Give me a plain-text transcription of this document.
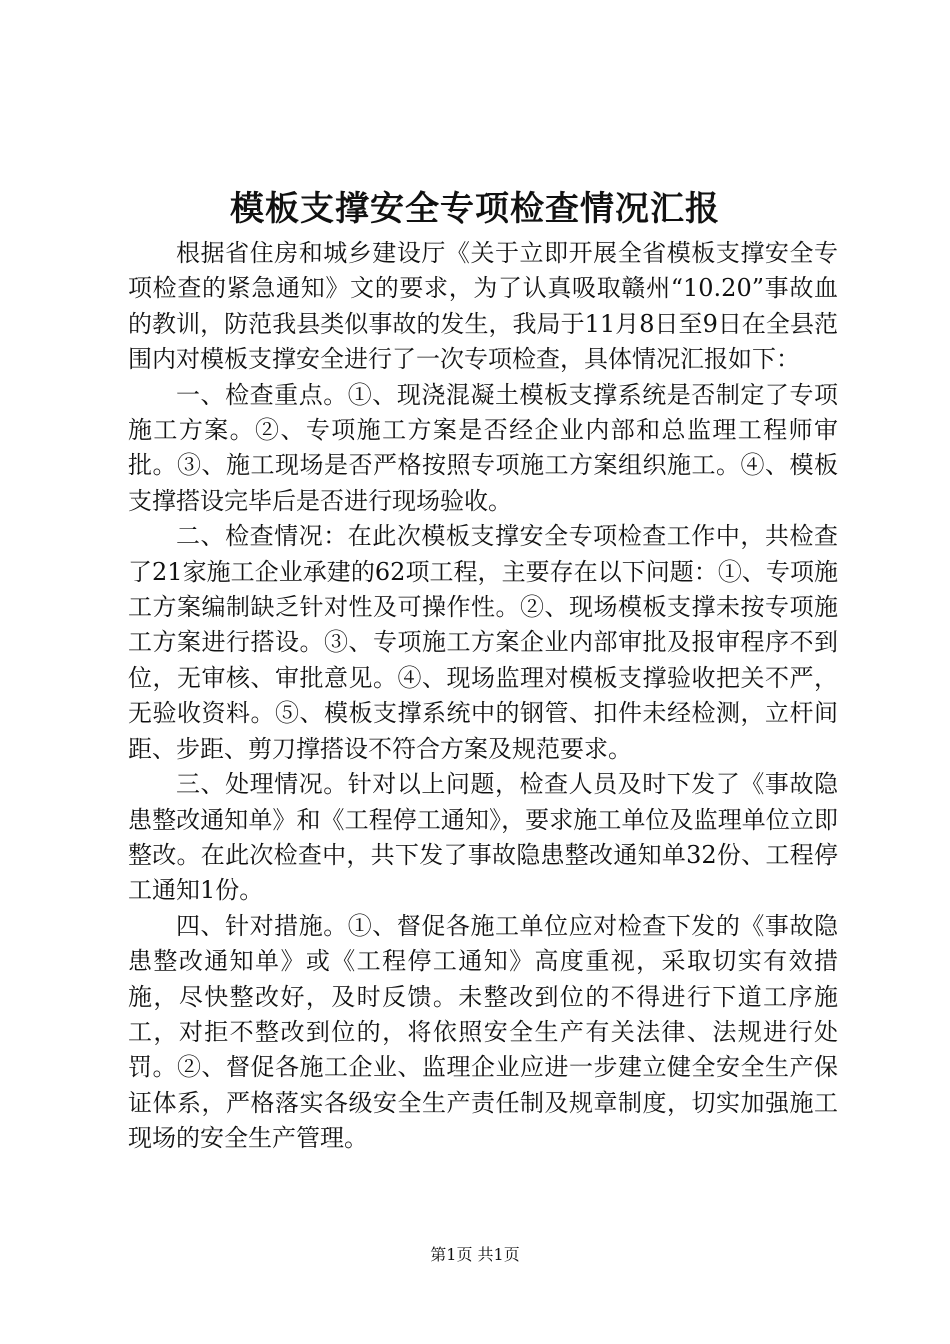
模板支撑安全专项检查情况汇报

根据省住房和城乡建设厅《关于立即开展全省模板支撑安全专项检查的紧急通知》文的要求，为了认真吸取赣州“10.20”事故血的教训，防范我县类似事故的发生，我局于11月8日至9日在全县范围内对模板支撑安全进行了一次专项检查，具体情况汇报如下：

一、检查重点。①、现浇混凝土模板支撑系统是否制定了专项施工方案。②、专项施工方案是否经企业内部和总监理工程师审批。③、施工现场是否严格按照专项施工方案组织施工。④、模板支撑搭设完毕后是否进行现场验收。

二、检查情况：在此次模板支撑安全专项检查工作中，共检查了21家施工企业承建的62项工程，主要存在以下问题：①、专项施工方案编制缺乏针对性及可操作性。②、现场模板支撑未按专项施工方案进行搭设。③、专项施工方案企业内部审批及报审程序不到位，无审核、审批意见。④、现场监理对模板支撑验收把关不严，无验收资料。⑤、模板支撑系统中的钢管、扣件未经检测，立杆间距、步距、剪刀撑搭设不符合方案及规范要求。

三、处理情况。针对以上问题，检查人员及时下发了《事故隐患整改通知单》和《工程停工通知》，要求施工单位及监理单位立即整改。在此次检查中，共下发了事故隐患整改通知单32份、工程停工通知1份。

四、针对措施。①、督促各施工单位应对检查下发的《事故隐患整改通知单》或《工程停工通知》高度重视，采取切实有效措施，尽快整改好，及时反馈。未整改到位的不得进行下道工序施工，对拒不整改到位的，将依照安全生产有关法律、法规进行处罚。②、督促各施工企业、监理企业应进一步建立健全安全生产保证体系，严格落实各级安全生产责任制及规章制度，切实加强施工现场的安全生产管理。

第1页 共1页
